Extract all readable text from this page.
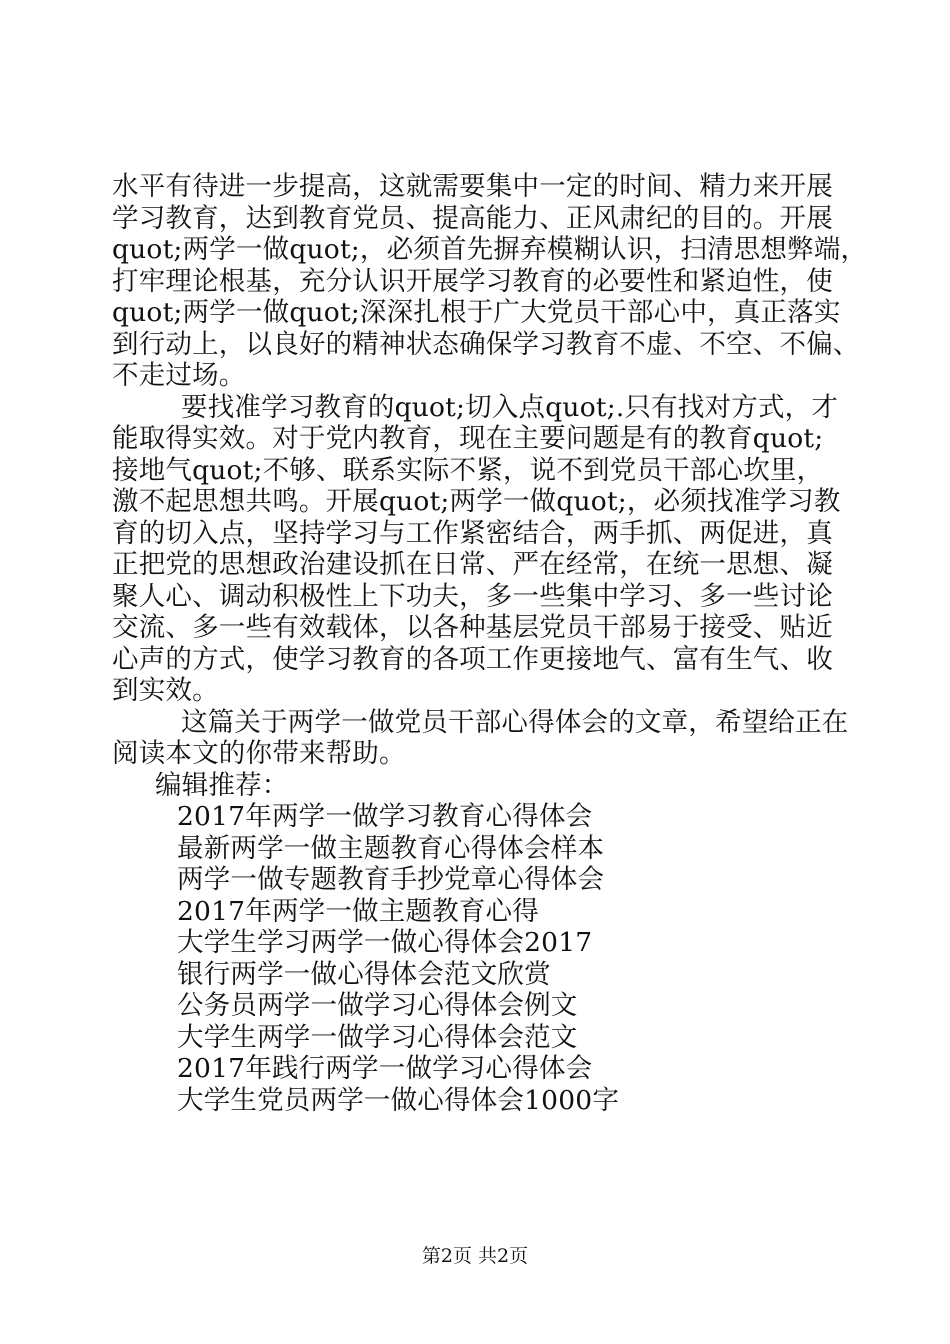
水平有待进一步提高，这就需要集中一定的时间、精力来开展
学习教育，达到教育党员、提高能力、正风肃纪的目的。开展
quot;两学一做quot;，必须首先摒弃模糊认识，扫清思想弊端，
打牢理论根基，充分认识开展学习教育的必要性和紧迫性，使
quot;两学一做quot;深深扎根于广大党员干部心中，真正落实
到行动上，以良好的精神状态确保学习教育不虚、不空、不偏、
不走过场。
要找准学习教育的quot;切入点quot;.只有找对方式，才
能取得实效。对于党内教育，现在主要问题是有的教育quot;
接地气quot;不够、联系实际不紧，说不到党员干部心坎里，
激不起思想共鸣。开展quot;两学一做quot;，必须找准学习教
育的切入点，坚持学习与工作紧密结合，两手抓、两促进，真
正把党的思想政治建设抓在日常、严在经常，在统一思想、凝
聚人心、调动积极性上下功夫，多一些集中学习、多一些讨论
交流、多一些有效载体，以各种基层党员干部易于接受、贴近
心声的方式，使学习教育的各项工作更接地气、富有生气、收
到实效。
这篇关于两学一做党员干部心得体会的文章，希望给正在
阅读本文的你带来帮助。
编辑推荐：
2017年两学一做学习教育心得体会
最新两学一做主题教育心得体会样本
两学一做专题教育手抄党章心得体会
2017年两学一做主题教育心得
大学生学习两学一做心得体会2017
银行两学一做心得体会范文欣赏
公务员两学一做学习心得体会例文
大学生两学一做学习心得体会范文
2017年践行两学一做学习心得体会
大学生党员两学一做心得体会1000字
第2页 共2页
